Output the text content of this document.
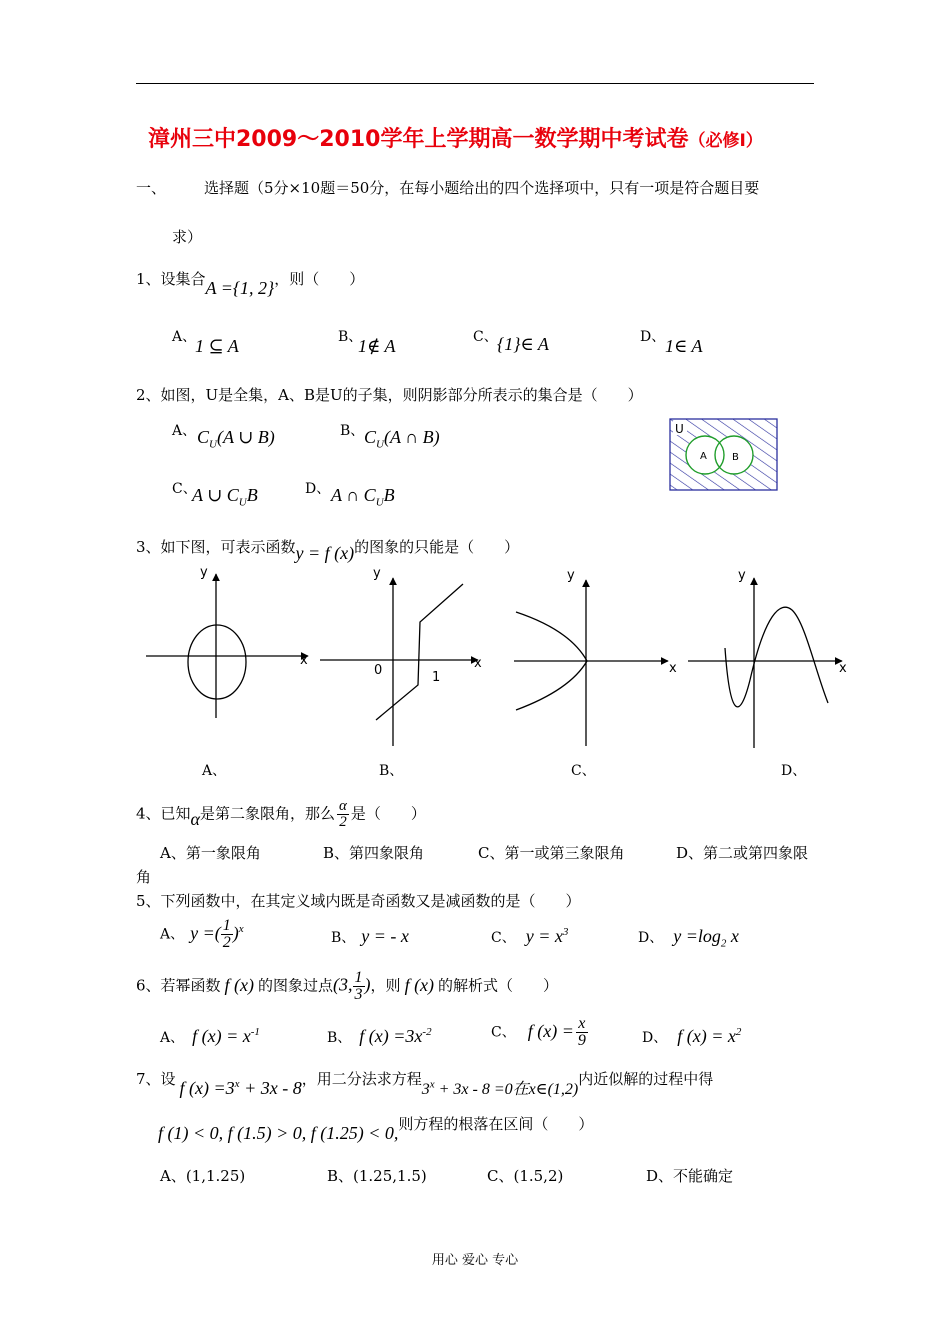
漳州三中2009～2010学年上学期高一数学期中考试卷（必修Ⅰ）
一、	选择题（5分×10题＝50分，在每小题给出的四个选择项中，只有一项是符合题目要
求）
1、设集合A ={1, 2}，则（　　）
A、
1 ⊆ A	B、
1∉ A	C、 {1}∈ A	D、 1∈ A
2、如图，U是全集，A、B是U的子集，则阴影部分所表示的集合是（　　）
A、 $C_U(A$ ∪ B)	B、 $C_U(A$ ∩ B)
C、
A ∪ $C_UB$	D、 A ∩ $C_UB$
U
A	B
3、如下图，可表示函数y = f (x)的图象的只能是（　　）
x
y
x
y
0	1
x
y
x
y
A、	B、	C、	D、
4、已知α是第二象限角，那么 $\frac{\alpha}{2}$ 是（　　）
A、第一象限角	B、第四象限角	C、第一或第三象限角	D、第二或第四象限
角
5、下列函数中，在其定义域内既是奇函数又是减函数的是（　　）
A、 y =( $\frac{1}{2} )^x$
B、 y = - x	C、 $y = x^3$	D、 $y =\log_2$ x
6、若幂函数 f (x) 的图象过点(3, $\frac{1}{3}$ )，则 f (x) 的解析式（　　）
A、 f $(x) = x^{-1}$	B、 f $(x) =3x^{-2}$	C、 f $(x) = \frac{x}{9}$	D、 f $(x) = x^2$
7、设 f $(x) =3^x + 3x - 8$，用二分法求方程$3^x + 3x - 8 =0$在x∈(1,2)内近似解的过程中得
f (1) < 0, f (1.5) > 0, f (1.25) < 0,则方程的根落在区间（　　）
A、(1,1.25)	B、(1.25,1.5)	C、(1.5,2)	D、不能确定
用心 爱心 专心
